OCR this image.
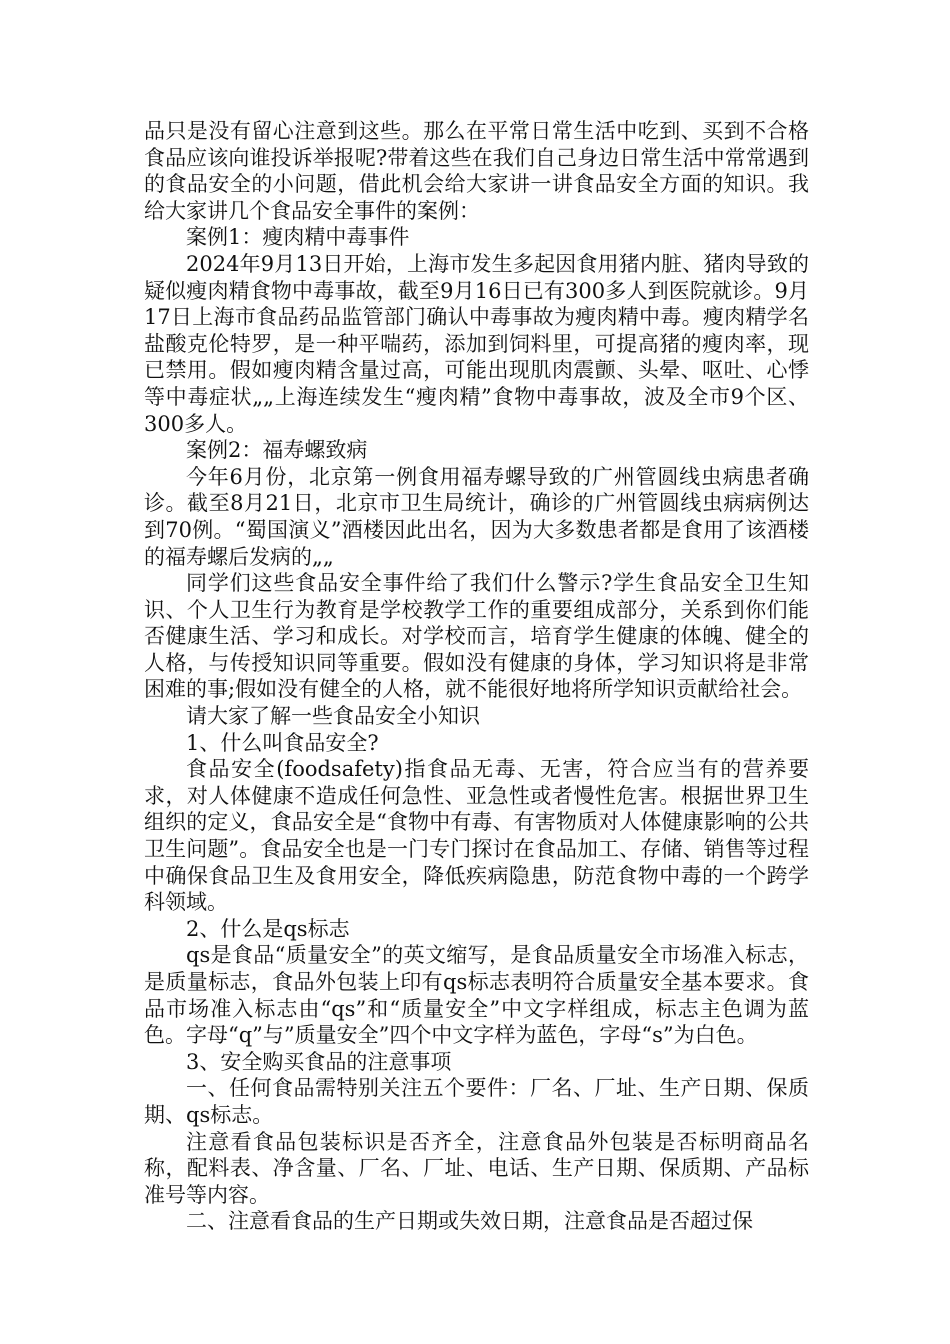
品只是没有留心注意到这些。那么在平常日常生活中吃到、买到不合格食品应该向谁投诉举报呢?带着这些在我们自己身边日常生活中常常遇到的食品安全的小问题，借此机会给大家讲一讲食品安全方面的知识。我给大家讲几个食品安全事件的案例：

案例1：瘦肉精中毒事件

2024年9月13日开始，上海市发生多起因食用猪内脏、猪肉导致的疑似瘦肉精食物中毒事故，截至9月16日已有300多人到医院就诊。9月17日上海市食品药品监管部门确认中毒事故为瘦肉精中毒。瘦肉精学名盐酸克伦特罗，是一种平喘药，添加到饲料里，可提高猪的瘦肉率，现已禁用。假如瘦肉精含量过高，可能出现肌肉震颤、头晕、呕吐、心悸等中毒症状„„上海连续发生“瘦肉精”食物中毒事故，波及全市9个区、300多人。

案例2：福寿螺致病

今年6月份，北京第一例食用福寿螺导致的广州管圆线虫病患者确诊。截至8月21日，北京市卫生局统计，确诊的广州管圆线虫病病例达到70例。“蜀国演义”酒楼因此出名，因为大多数患者都是食用了该酒楼的福寿螺后发病的„„

同学们这些食品安全事件给了我们什么警示?学生食品安全卫生知识、个人卫生行为教育是学校教学工作的重要组成部分，关系到你们能否健康生活、学习和成长。对学校而言，培育学生健康的体魄、健全的人格，与传授知识同等重要。假如没有健康的身体，学习知识将是非常困难的事;假如没有健全的人格，就不能很好地将所学知识贡献给社会。

请大家了解一些食品安全小知识

1、什么叫食品安全?

食品安全(foodsafety)指食品无毒、无害，符合应当有的营养要求，对人体健康不造成任何急性、亚急性或者慢性危害。根据世界卫生组织的定义，食品安全是“食物中有毒、有害物质对人体健康影响的公共卫生问题”。食品安全也是一门专门探讨在食品加工、存储、销售等过程中确保食品卫生及食用安全，降低疾病隐患，防范食物中毒的一个跨学科领域。

2、什么是qs标志

qs是食品“质量安全”的英文缩写，是食品质量安全市场准入标志，是质量标志，食品外包装上印有qs标志表明符合质量安全基本要求。食品市场准入标志由“qs”和“质量安全”中文字样组成，标志主色调为蓝色。字母“q”与”质量安全”四个中文字样为蓝色，字母“s”为白色。

3、安全购买食品的注意事项

一、任何食品需特别关注五个要件：厂名、厂址、生产日期、保质期、qs标志。

注意看食品包装标识是否齐全，注意食品外包装是否标明商品名称，配料表、净含量、厂名、厂址、电话、生产日期、保质期、产品标准号等内容。

二、注意看食品的生产日期或失效日期，注意食品是否超过保
